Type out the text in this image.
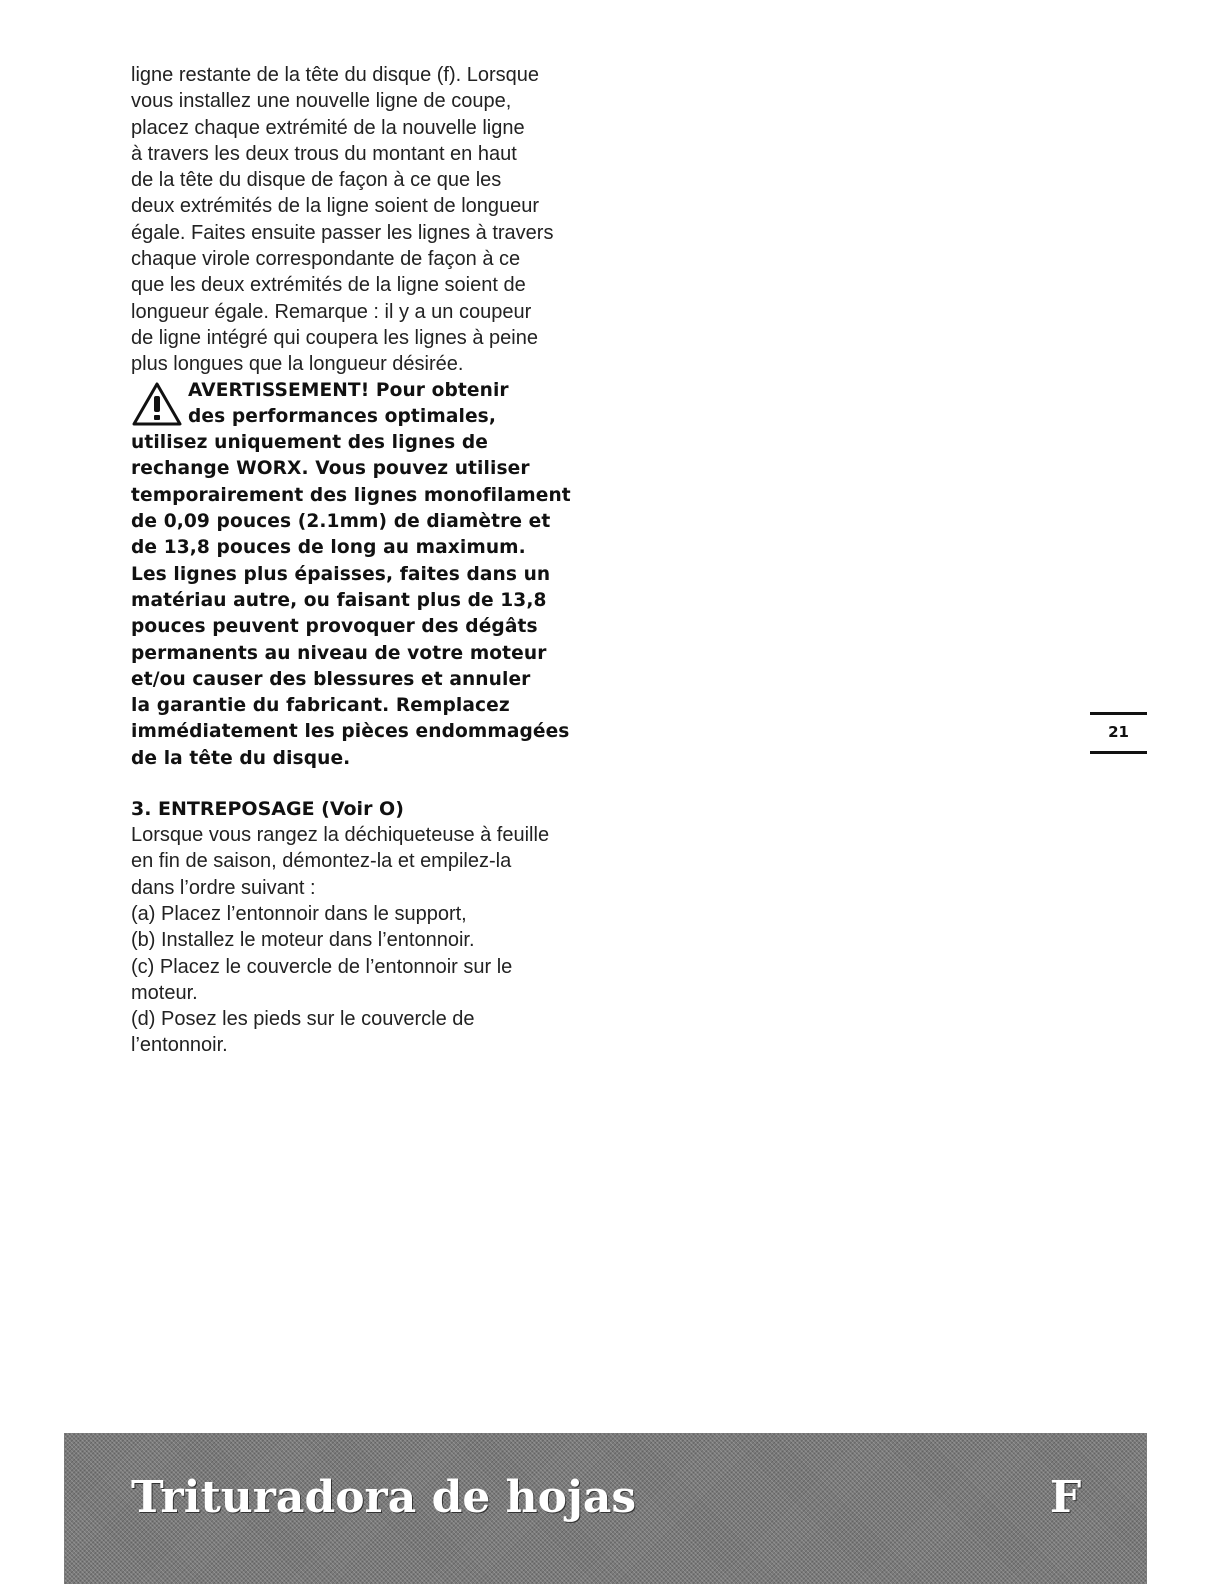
ligne restante de la tête du disque (f). Lorsque
vous installez une nouvelle ligne de coupe,
placez chaque extrémité de la nouvelle ligne
à travers les deux trous du montant en haut
de la tête du disque de façon à ce que les
deux extrémités de la ligne soient de longueur
égale. Faites ensuite passer les lignes à travers
chaque virole correspondante de façon à ce
que les deux extrémités de la ligne soient de
longueur égale. Remarque : il y a un coupeur
de ligne intégré qui coupera les lignes à peine
plus longues que la longueur désirée.
AVERTISSEMENT! Pour obtenir
des performances optimales,
utilisez uniquement des lignes de
rechange WORX. Vous pouvez utiliser
temporairement des lignes monofilament
de 0,09 pouces (2.1mm) de diamètre et
de 13,8 pouces de long au maximum.
Les lignes plus épaisses, faites dans un
matériau autre, ou faisant plus de 13,8
pouces peuvent provoquer des dégâts
permanents au niveau de votre moteur
et/ou causer des blessures et annuler
la garantie du fabricant. Remplacez
immédiatement les pièces endommagées
de la tête du disque.
3. ENTREPOSAGE (Voir O)
Lorsque vous rangez la déchiqueteuse à feuille
en fin de saison, démontez-la et empilez-la
dans l’ordre suivant :
(a) Placez l’entonnoir dans le support,
(b) Installez le moteur dans l’entonnoir.
(c) Placez le couvercle de l’entonnoir sur le
moteur.
(d) Posez les pieds sur le couvercle de
l’entonnoir.
21
Trituradora de hojas	F
